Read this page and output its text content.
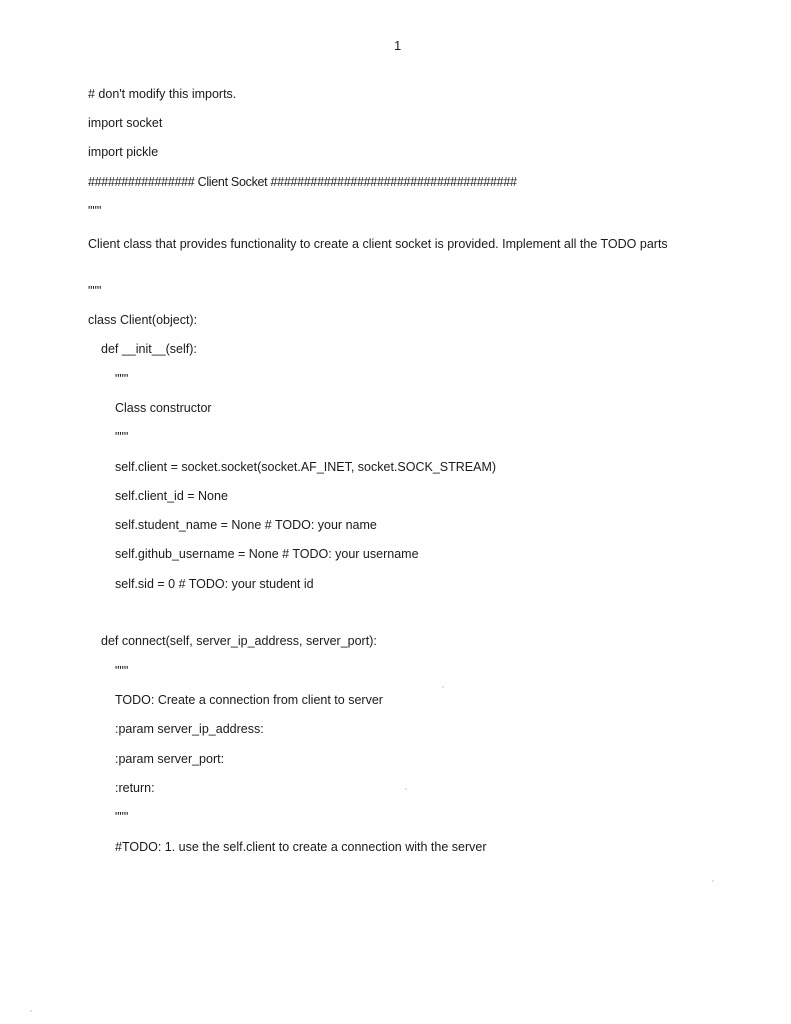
1
# don't modify this imports.
import socket
import pickle
################ Client Socket #####################################
"""
Client class that provides functionality to create a client socket is provided. Implement all the TODO parts
"""
class Client(object):
def __init__(self):
"""
Class constructor
"""
self.client = socket.socket(socket.AF_INET, socket.SOCK_STREAM)
self.client_id = None
self.student_name = None # TODO: your name
self.github_username = None # TODO: your username
self.sid = 0 # TODO: your student id
def connect(self, server_ip_address, server_port):
"""
TODO: Create a connection from client to server
:param server_ip_address:
:param server_port:
:return:
"""
#TODO: 1. use the self.client to create a connection with the server
